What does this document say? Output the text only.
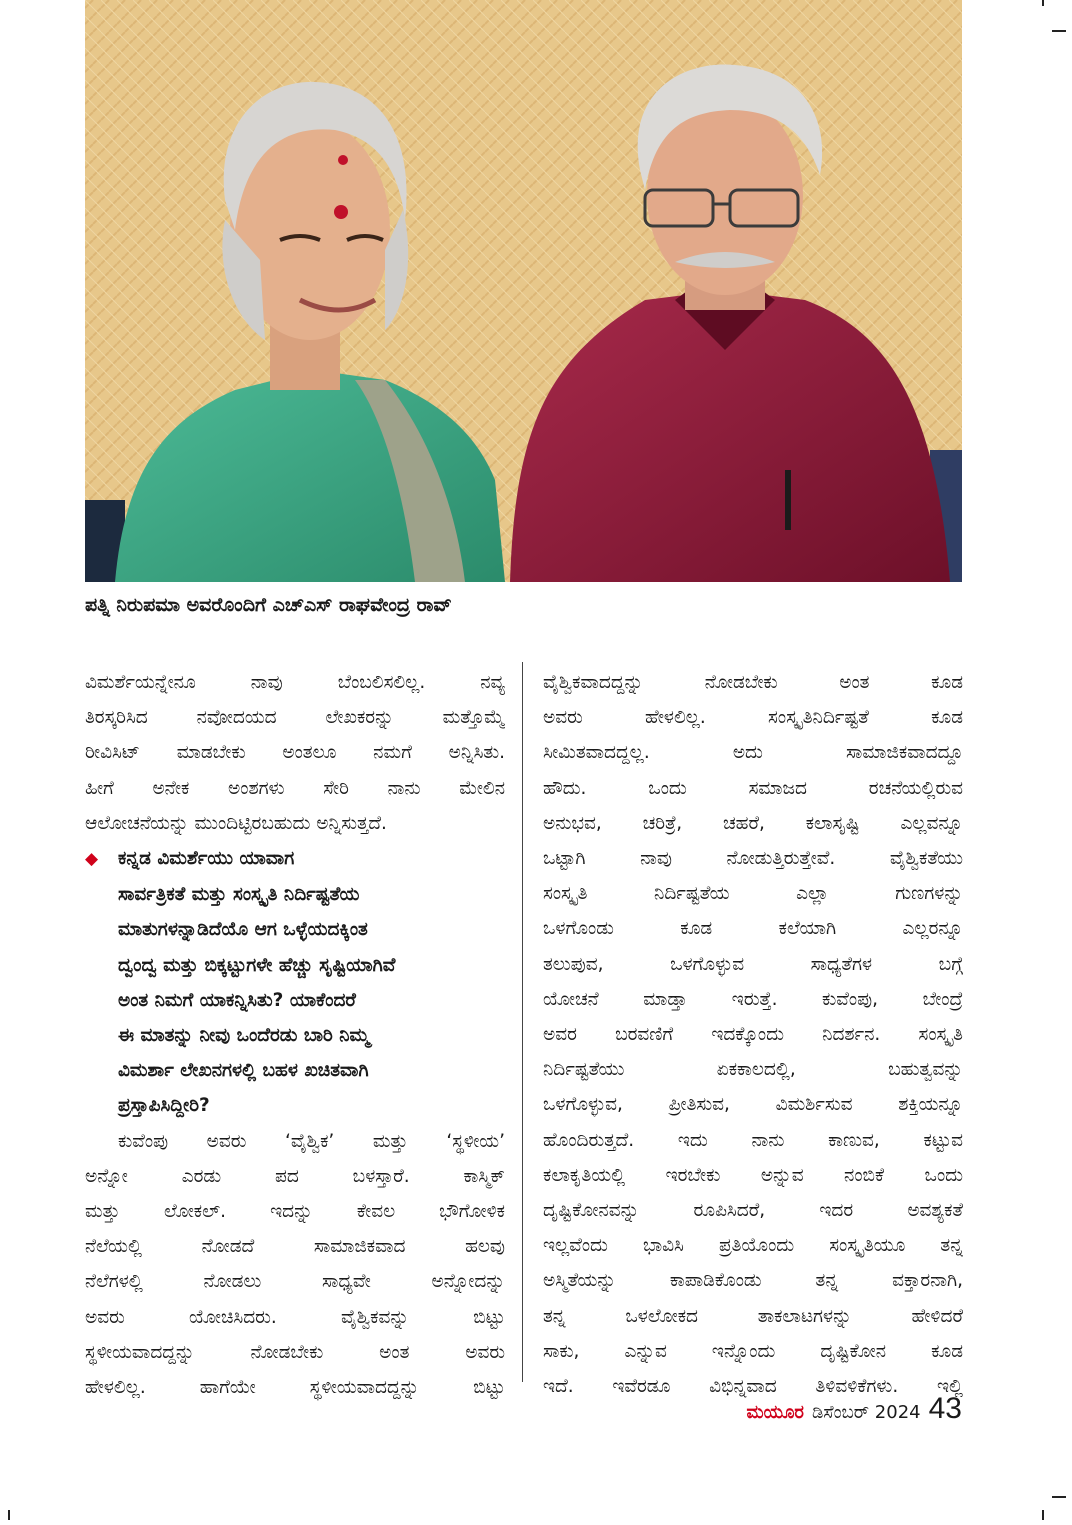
ಪತ್ನಿ ನಿರುಪಮಾ ಅವರೊಂದಿಗೆ ಎಚ್‌ಎಸ್‌ ರಾಘವೇಂದ್ರ ರಾವ್

ವಿಮರ್ಶೆಯನ್ನೇನೂ ನಾವು ಬೆಂಬಲಿಸಲಿಲ್ಲ. ನವ್ಯ

ತಿರಸ್ಕರಿಸಿದ ನವೋದಯದ ಲೇಖಕರನ್ನು ಮತ್ತೊಮ್ಮೆ

ರೀವಿಸಿಟ್ ಮಾಡಬೇಕು ಅಂತಲೂ ನಮಗೆ ಅನ್ನಿಸಿತು.

ಹೀಗೆ ಅನೇಕ ಅಂಶಗಳು ಸೇರಿ ನಾನು ಮೇಲಿನ

ಆಲೋಚನೆಯನ್ನು ಮುಂದಿಟ್ಟಿರಬಹುದು ಅನ್ನಿಸುತ್ತದೆ.

◆ ಕನ್ನಡ ವಿಮರ್ಶೆಯು ಯಾವಾಗ

ಸಾರ್ವತ್ರಿಕತೆ ಮತ್ತು ಸಂಸ್ಕೃತಿ ನಿರ್ದಿಷ್ಟತೆಯ

ಮಾತುಗಳನ್ನಾಡಿದೆಯೊ ಆಗ ಒಳ್ಳೆಯದಕ್ಕಿಂತ

ದ್ವಂದ್ವ ಮತ್ತು ಬಿಕ್ಕಟ್ಟುಗಳೇ ಹೆಚ್ಚು ಸೃಷ್ಟಿಯಾಗಿವೆ

ಅಂತ ನಿಮಗೆ ಯಾಕನ್ನಿಸಿತು? ಯಾಕೆಂದರೆ

ಈ ಮಾತನ್ನು ನೀವು ಒಂದೆರಡು ಬಾರಿ ನಿಮ್ಮ

ವಿಮರ್ಶಾ ಲೇಖನಗಳಲ್ಲಿ ಬಹಳ ಖಚಿತವಾಗಿ

ಪ್ರಸ್ತಾಪಿಸಿದ್ದೀರಿ?

ಕುವೆಂಪು ಅವರು ‘ವೈಶ್ವಿಕ’ ಮತ್ತು ‘ಸ್ಥಳೀಯ’

ಅನ್ನೋ ಎರಡು ಪದ ಬಳಸ್ತಾರೆ. ಕಾಸ್ಮಿಕ್

ಮತ್ತು ಲೋಕಲ್. ಇದನ್ನು ಕೇವಲ ಭೌಗೋಳಿಕ

ನೆಲೆಯಲ್ಲಿ ನೋಡದೆ ಸಾಮಾಜಿಕವಾದ ಹಲವು

ನೆಲೆಗಳಲ್ಲಿ ನೋಡಲು ಸಾಧ್ಯವೇ ಅನ್ನೋದನ್ನು

ಅವರು ಯೋಚಿಸಿದರು. ವೈಶ್ವಿಕವನ್ನು ಬಿಟ್ಟು

ಸ್ಥಳೀಯವಾದದ್ದನ್ನು ನೋಡಬೇಕು ಅಂತ ಅವರು

ಹೇಳಲಿಲ್ಲ. ಹಾಗೆಯೇ ಸ್ಥಳೀಯವಾದದ್ದನ್ನು ಬಿಟ್ಟು

ವೈಶ್ವಿಕವಾದದ್ದನ್ನು ನೋಡಬೇಕು ಅಂತ ಕೂಡ

ಅವರು ಹೇಳಲಿಲ್ಲ. ಸಂಸ್ಕೃತಿನಿರ್ದಿಷ್ಟತೆ ಕೂಡ

ಸೀಮಿತವಾದದ್ದಲ್ಲ. ಅದು ಸಾಮಾಜಿಕವಾದದ್ದೂ

ಹೌದು. ಒಂದು ಸಮಾಜದ ರಚನೆಯಲ್ಲಿರುವ

ಅನುಭವ, ಚರಿತ್ರೆ, ಚಹರೆ, ಕಲಾಸೃಷ್ಟಿ ಎಲ್ಲವನ್ನೂ

ಒಟ್ಟಾಗಿ ನಾವು ನೋಡುತ್ತಿರುತ್ತೇವೆ. ವೈಶ್ವಿಕತೆಯು

ಸಂಸ್ಕೃತಿ ನಿರ್ದಿಷ್ಟತೆಯ ಎಲ್ಲಾ ಗುಣಗಳನ್ನು

ಒಳಗೊಂಡು ಕೂಡ ಕಲೆಯಾಗಿ ಎಲ್ಲರನ್ನೂ

ತಲುಪುವ, ಒಳಗೊಳ್ಳುವ ಸಾಧ್ಯತೆಗಳ ಬಗ್ಗೆ

ಯೋಚನೆ ಮಾಡ್ತಾ ಇರುತ್ತೆ. ಕುವೆಂಪು, ಬೇಂದ್ರೆ

ಅವರ ಬರವಣಿಗೆ ಇದಕ್ಕೊಂದು ನಿದರ್ಶನ. ಸಂಸ್ಕೃತಿ

ನಿರ್ದಿಷ್ಟತೆಯು ಏಕಕಾಲದಲ್ಲಿ, ಬಹುತ್ವವನ್ನು

ಒಳಗೊಳ್ಳುವ, ಪ್ರೀತಿಸುವ, ವಿಮರ್ಶಿಸುವ ಶಕ್ತಿಯನ್ನೂ

ಹೊಂದಿರುತ್ತದೆ. ಇದು ನಾನು ಕಾಣುವ, ಕಟ್ಟುವ

ಕಲಾಕೃತಿಯಲ್ಲಿ ಇರಬೇಕು ಅನ್ನುವ ನಂಬಿಕೆ ಒಂದು

ದೃಷ್ಟಿಕೋನವನ್ನು ರೂಪಿಸಿದರೆ, ಇದರ ಅವಶ್ಯಕತೆ

ಇಲ್ಲವೆಂದು ಭಾವಿಸಿ ಪ್ರತಿಯೊಂದು ಸಂಸ್ಕೃತಿಯೂ ತನ್ನ

ಅಸ್ಮಿತೆಯನ್ನು ಕಾಪಾಡಿಕೊಂಡು ತನ್ನ ವಕ್ತಾರನಾಗಿ,

ತನ್ನ ಒಳಲೋಕದ ತಾಕಲಾಟಗಳನ್ನು ಹೇಳಿದರೆ

ಸಾಕು, ಎನ್ನುವ ಇನ್ನೊಂದು ದೃಷ್ಟಿಕೋನ ಕೂಡ

ಇದೆ. ಇವೆರಡೂ ವಿಭಿನ್ನವಾದ ತಿಳಿವಳಿಕೆಗಳು. ಇಲ್ಲಿ

ಮಯೂರ ಡಿಸೆಂಬರ್ 2024 43
